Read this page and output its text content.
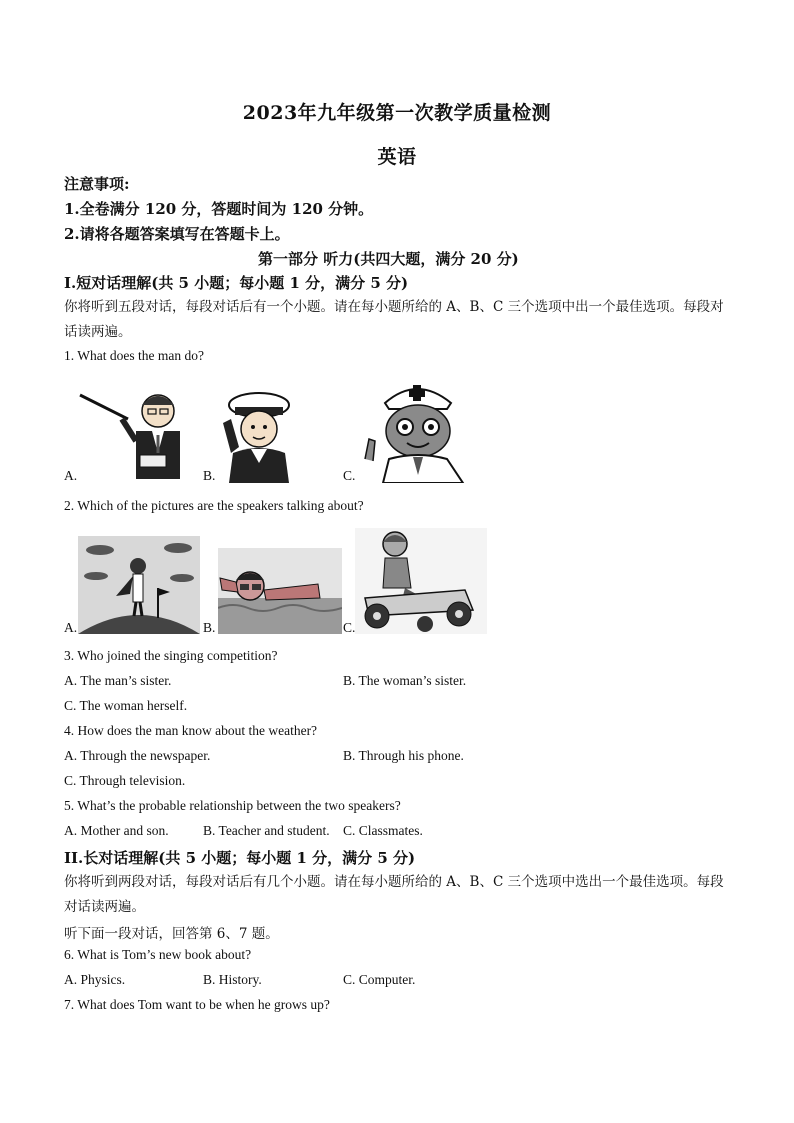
2023年九年级第一次教学质量检测
英语
注意事项:
1.全卷满分 120 分，答题时间为 120 分钟。
2.请将各题答案填写在答题卡上。
第一部分 听力(共四大题，满分 20 分)
I.短对话理解(共 5 小题；每小题 1 分，满分 5 分)
你将听到五段对话，每段对话后有一个小题。请在每小题所给的 A、B、C 三个选项中出一个最佳选项。每段对话读两遍。
1. What does the man do?
A.	B.	C.
2. Which of the pictures are the speakers talking about?
A.	B.	C.
3. Who joined the singing competition?
A. The man’s sister.	B. The woman’s sister.
C. The woman herself.
4. How does the man know about the weather?
A. Through the newspaper.	B. Through his phone.
C. Through television.
5. What’s the probable relationship between the two speakers?
A. Mother and son.	B. Teacher and student. C. Classmates.
II.长对话理解(共 5 小题；每小题 1 分，满分 5 分)
你将听到两段对话，每段对话后有几个小题。请在每小题所给的 A、B、C 三个选项中选出一个最佳选项。每段对话读两遍。
听下面一段对话，回答第 6、7 题。
6. What is Tom’s new book about?
A. Physics.	B. History.	C. Computer.
7. What does Tom want to be when he grows up?
